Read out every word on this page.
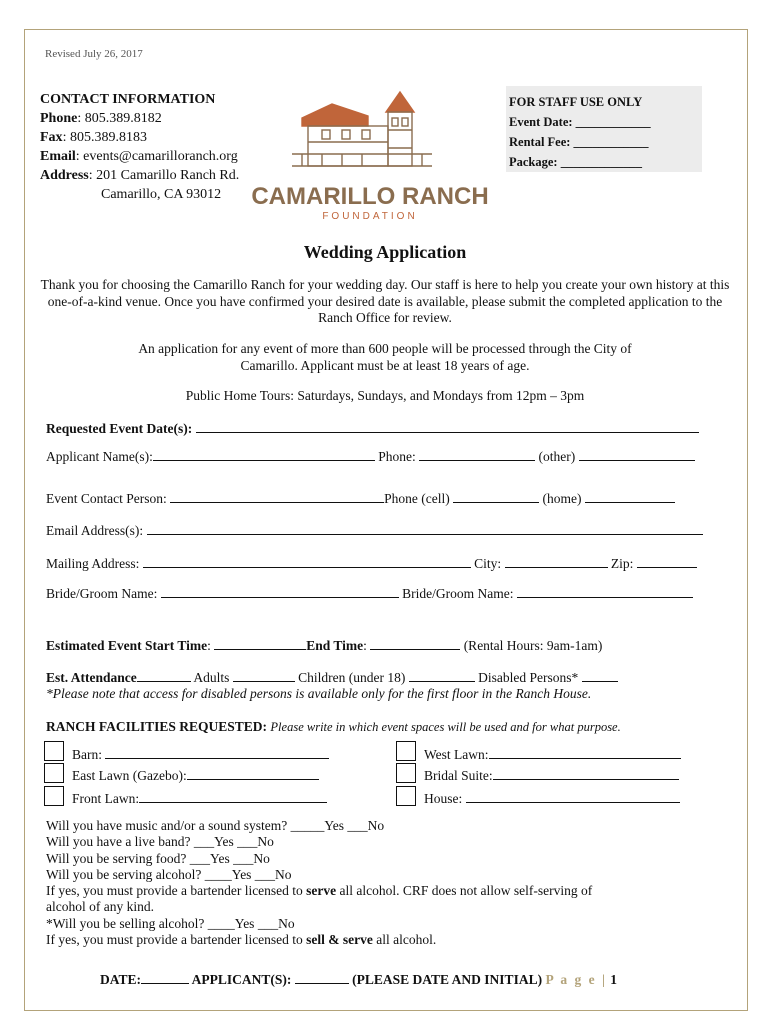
Revised July 26, 2017
CONTACT INFORMATION
Phone: 805.389.8182
Fax: 805.389.8183
Email: events@camarilloranch.org
Address: 201 Camarillo Ranch Rd.
Camarillo, CA 93012	CAMARILLO RANCH
FOUNDATION
FOR STAFF USE ONLY
Event Date: ____________
Rental Fee: ____________
Package: _____________
Wedding Application
Thank you for choosing the Camarillo Ranch for your wedding day. Our staff is here to help you create your own history at this one-of-a-kind venue. Once you have confirmed your desired date is available, please submit the completed application to the Ranch Office for review.
An application for any event of more than 600 people will be processed through the City of Camarillo. Applicant must be at least 18 years of age.
Public Home Tours: Saturdays, Sundays, and Mondays from 12pm – 3pm
Requested Event Date(s):
Applicant Name(s):	Phone:	(other)
Event Contact Person:	Phone (cell)	(home)
Email Address(s):
Mailing Address:	City:	Zip:
Bride/Groom Name:	Bride/Groom Name:
Estimated Event Start Time:	End Time:	(Rental Hours: 9am-1am)
Est. Attendance	Adults	Children (under 18)	Disabled Persons*
*Please note that access for disabled persons is available only for the first floor in the Ranch House.
RANCH FACILITIES REQUESTED: Please write in which event spaces will be used and for what purpose.
Barn:
East Lawn (Gazebo):
Front Lawn:
West Lawn:
Bridal Suite:
House:
Will you have music and/or a sound system? _____Yes ___No
Will you have a live band? ___Yes ___No
Will you be serving food? ___Yes ___No
Will you be serving alcohol? ____Yes ___No
If yes, you must provide a bartender licensed to serve all alcohol. CRF does not allow self-serving of
alcohol of any kind.
*Will you be selling alcohol? ____Yes ___No
If yes, you must provide a bartender licensed to sell & serve all alcohol.
DATE:	APPLICANT(S):	(PLEASE DATE AND INITIAL) P a g e | 1
